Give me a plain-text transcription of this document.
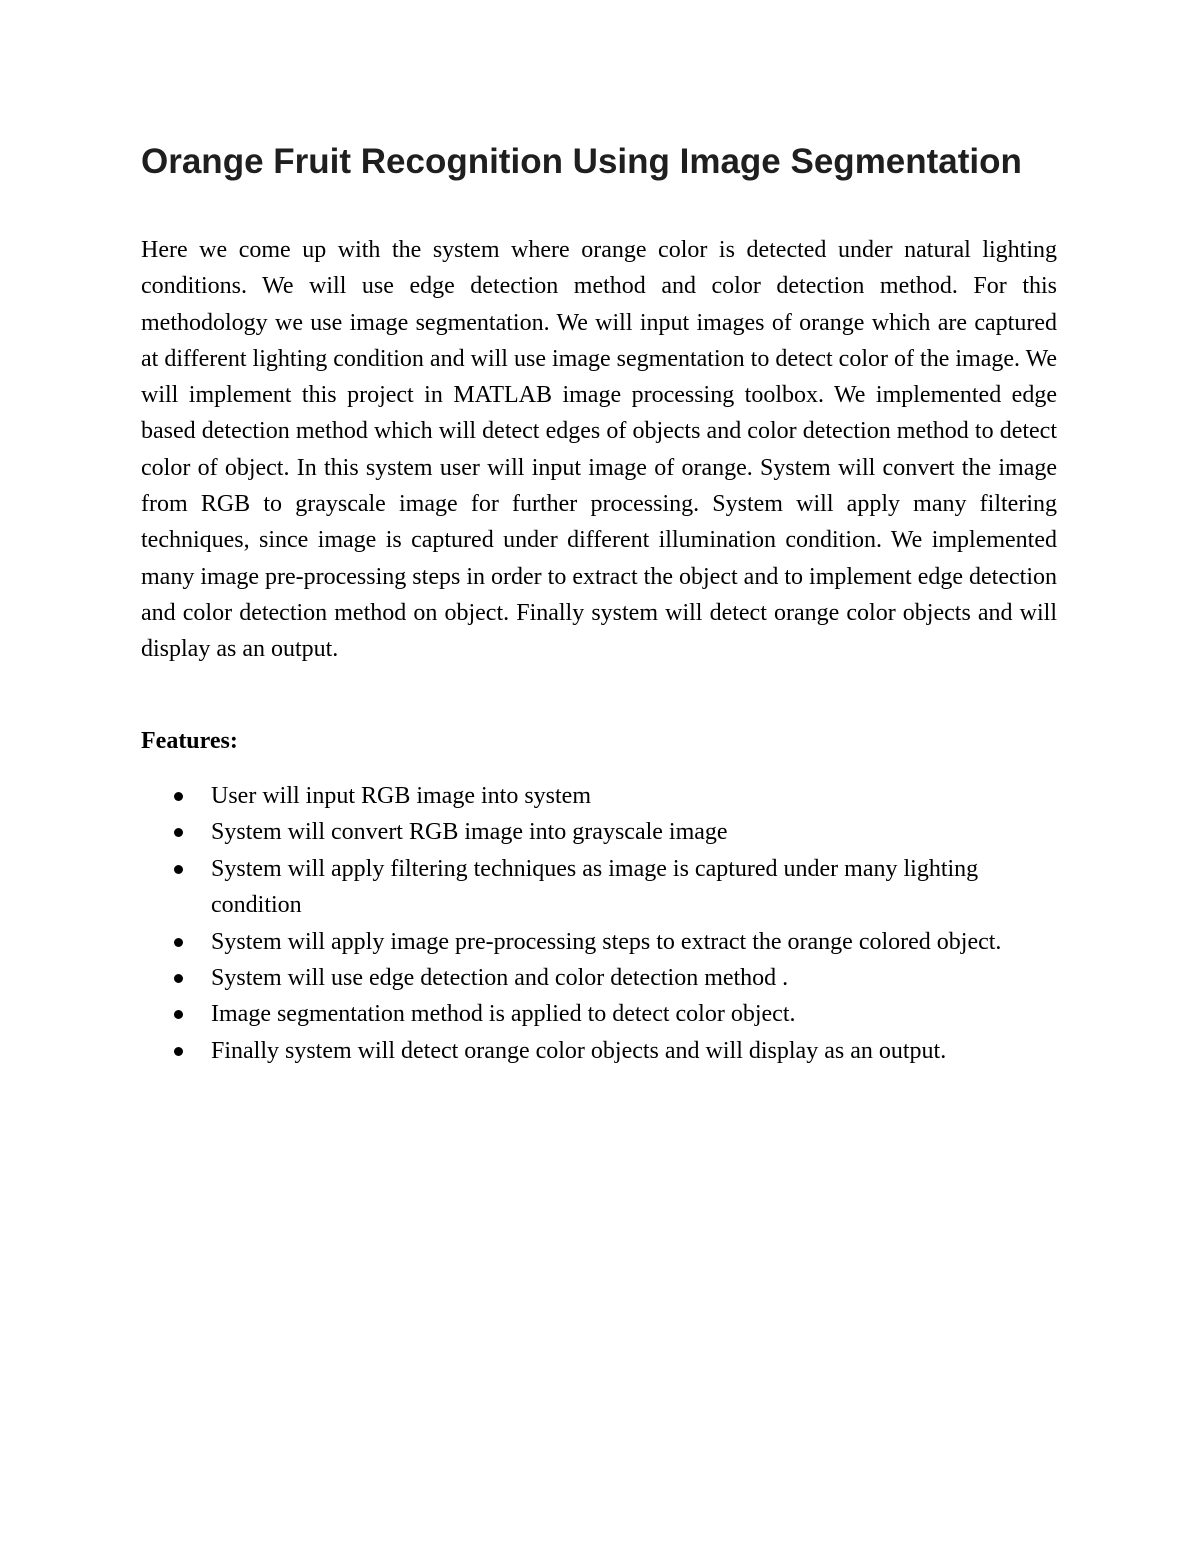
Orange Fruit Recognition Using Image Segmentation

Here we come up with the system where orange color is detected under natural lighting conditions. We will use edge detection method and color detection method. For this methodology we use image segmentation. We will input images of orange which are captured at different lighting condition and will use image segmentation to detect color of the image. We will implement this project in MATLAB image processing toolbox. We implemented edge based detection method which will detect edges of objects and color detection method to detect color of object. In this system user will input image of orange. System will convert the image from RGB to grayscale image for further processing. System will apply many filtering techniques, since image is captured under different illumination condition. We implemented many image pre-processing steps in order to extract the object and to implement edge detection and color detection method on object. Finally system will detect orange color objects and will display as an output.

Features:

User will input RGB image into system
System will convert RGB image into grayscale image
System will apply filtering techniques as image is captured under many lighting condition
System will apply image pre-processing steps to extract the orange colored object.
System will use edge detection and color detection method .
Image segmentation method is applied to detect color object.
Finally system will detect orange color objects and will display as an output.
